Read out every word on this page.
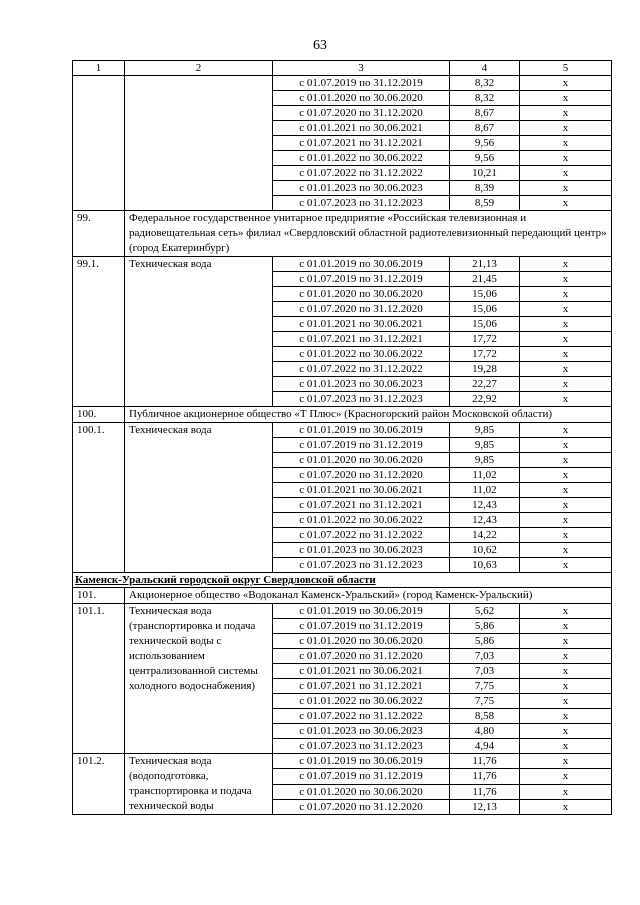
63
1	2	3	4	5
		с 01.07.2019 по 31.12.2019	8,32	х
		с 01.01.2020 по 30.06.2020	8,32	х
		с 01.07.2020 по 31.12.2020	8,67	х
		с 01.01.2021 по 30.06.2021	8,67	х
		с 01.07.2021 по 31.12.2021	9,56	х
		с 01.01.2022 по 30.06.2022	9,56	х
		с 01.07.2022 по 31.12.2022	10,21	х
		с 01.01.2023 по 30.06.2023	8,39	х
		с 01.07.2023 по 31.12.2023	8,59	х
99.	Федеральное государственное унитарное предприятие «Российская телевизионная и радиовещательная сеть» филиал «Свердловский областной радиотелевизионный передающий центр» (город Екатеринбург)			
99.1.	Техническая вода	с 01.01.2019 по 30.06.2019	21,13	х
		с 01.07.2019 по 31.12.2019	21,45	х
		с 01.01.2020 по 30.06.2020	15,06	х
		с 01.07.2020 по 31.12.2020	15,06	х
		с 01.01.2021 по 30.06.2021	15,06	х
		с 01.07.2021 по 31.12.2021	17,72	х
		с 01.01.2022 по 30.06.2022	17,72	х
		с 01.07.2022 по 31.12.2022	19,28	х
		с 01.01.2023 по 30.06.2023	22,27	х
		с 01.07.2023 по 31.12.2023	22,92	х
100.	Публичное акционерное общество «Т Плюс» (Красногорский район Московской области)			
100.1.	Техническая вода	с 01.01.2019 по 30.06.2019	9,85	х
		с 01.07.2019 по 31.12.2019	9,85	х
		с 01.01.2020 по 30.06.2020	9,85	х
		с 01.07.2020 по 31.12.2020	11,02	х
		с 01.01.2021 по 30.06.2021	11,02	х
		с 01.07.2021 по 31.12.2021	12,43	х
		с 01.01.2022 по 30.06.2022	12,43	х
		с 01.07.2022 по 31.12.2022	14,22	х
		с 01.01.2023 по 30.06.2023	10,62	х
		с 01.07.2023 по 31.12.2023	10,63	х
Каменск-Уральский городской округ Свердловской области				
101.	Акционерное общество «Водоканал Каменск-Уральский» (город Каменск-Уральский)			
101.1.	Техническая вода (транспортировка и подача технической воды с использованием централизованной системы холодного водоснабжения)	с 01.01.2019 по 30.06.2019	5,62	х
		с 01.07.2019 по 31.12.2019	5,86	х
		с 01.01.2020 по 30.06.2020	5,86	х
		с 01.07.2020 по 31.12.2020	7,03	х
		с 01.01.2021 по 30.06.2021	7,03	х
		с 01.07.2021 по 31.12.2021	7,75	х
		с 01.01.2022 по 30.06.2022	7,75	х
		с 01.07.2022 по 31.12.2022	8,58	х
		с 01.01.2023 по 30.06.2023	4,80	х
		с 01.07.2023 по 31.12.2023	4,94	х
101.2.	Техническая вода (водоподготовка, транспортировка и подача технической воды	с 01.01.2019 по 30.06.2019	11,76	х
		с 01.07.2019 по 31.12.2019	11,76	х
		с 01.01.2020 по 30.06.2020	11,76	х
		с 01.07.2020 по 31.12.2020	12,13	х
